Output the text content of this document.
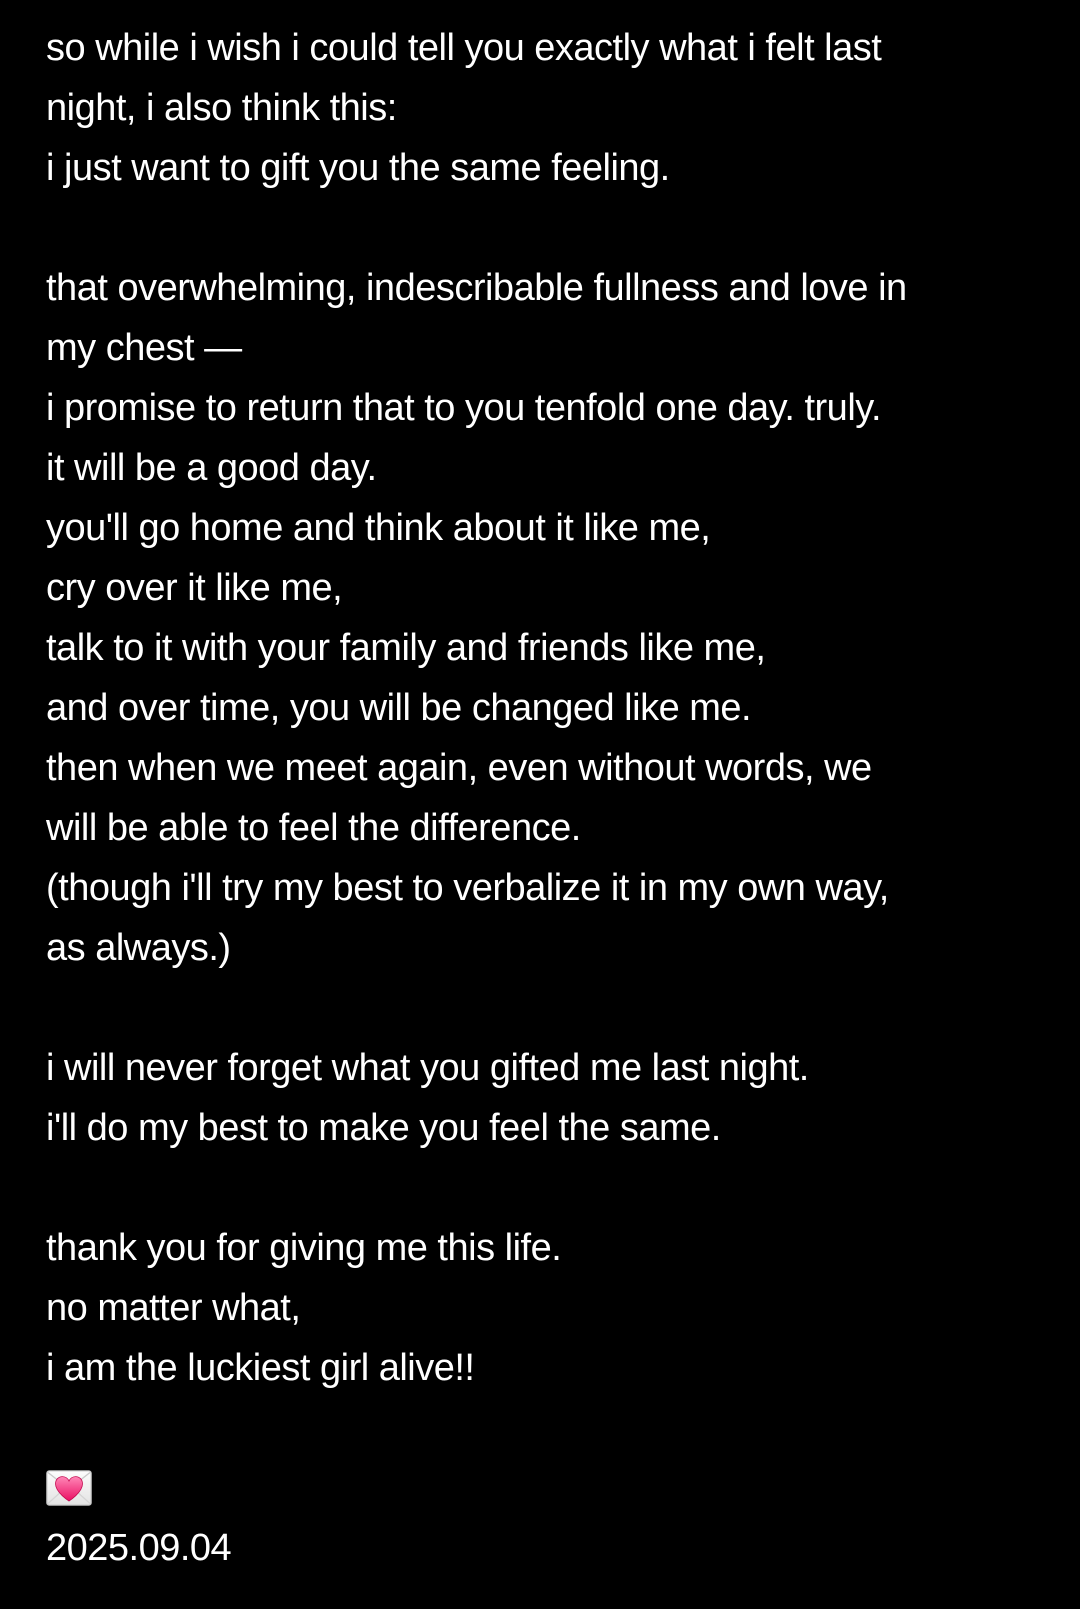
so while i wish i could tell you exactly what i felt last
night, i also think this:
i just want to gift you the same feeling.
that overwhelming, indescribable fullness and love in
my chest —
i promise to return that to you tenfold one day. truly.
it will be a good day.
you'll go home and think about it like me,
cry over it like me,
talk to it with your family and friends like me,
and over time, you will be changed like me.
then when we meet again, even without words, we
will be able to feel the difference.
(though i'll try my best to verbalize it in my own way,
as always.)
i will never forget what you gifted me last night.
i'll do my best to make you feel the same.
thank you for giving me this life.
no matter what,
i am the luckiest girl alive!!
2025.09.04
